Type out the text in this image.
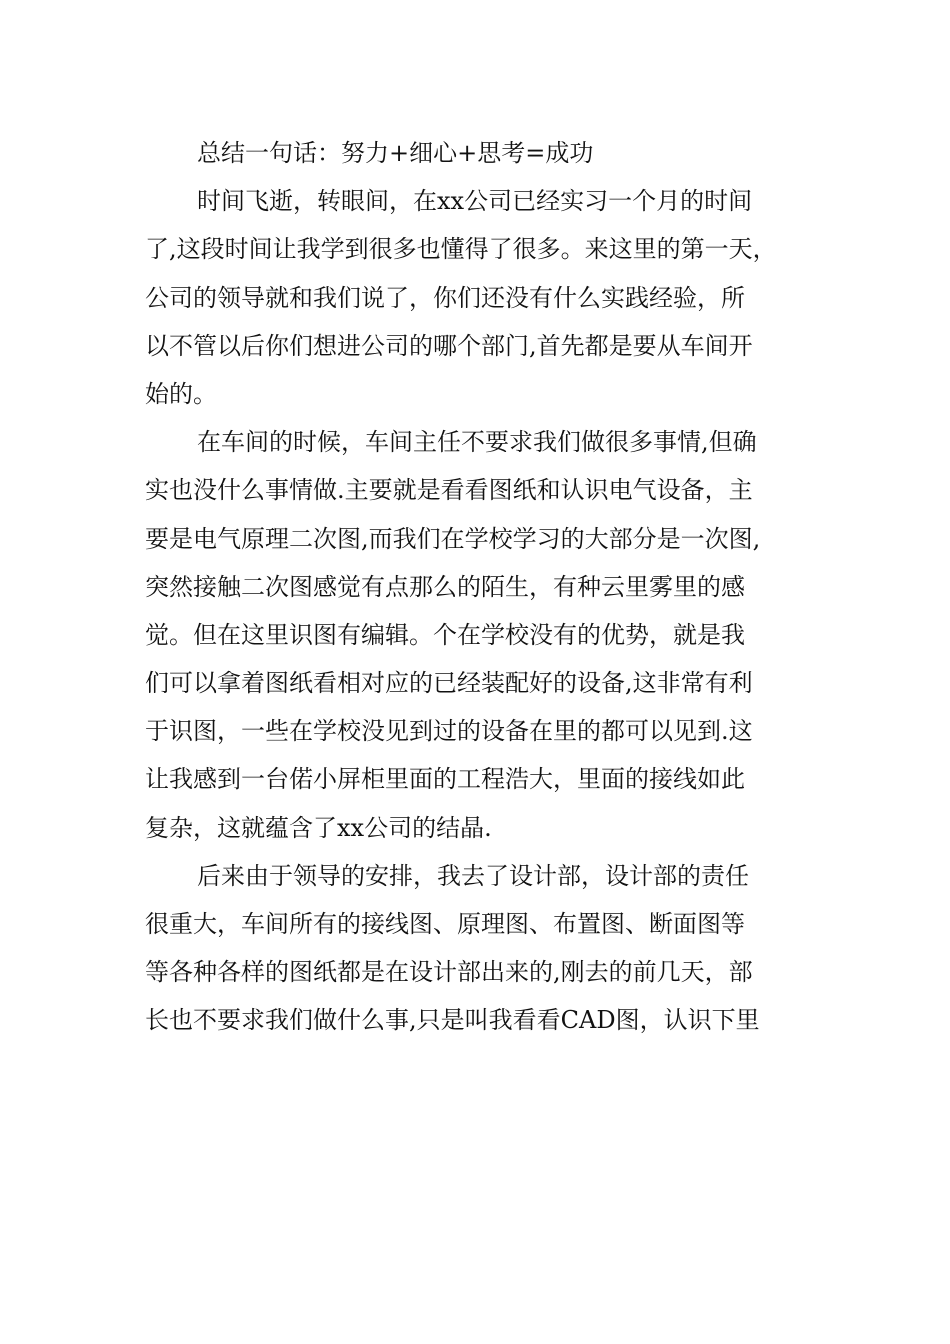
总结一句话：努力+细心+思考=成功
时间飞逝，转眼间，在xx公司已经实习一个月的时间
了,这段时间让我学到很多也懂得了很多。来这里的第一天，
公司的领导就和我们说了，你们还没有什么实践经验，所
以不管以后你们想进公司的哪个部门,首先都是要从车间开
始的。
在车间的时候，车间主任不要求我们做很多事情,但确
实也没什么事情做.主要就是看看图纸和认识电气设备，主
要是电气原理二次图,而我们在学校学习的大部分是一次图,
突然接触二次图感觉有点那么的陌生，有种云里雾里的感
觉。但在这里识图有编辑。个在学校没有的优势，就是我
们可以拿着图纸看相对应的已经装配好的设备,这非常有利
于识图，一些在学校没见到过的设备在里的都可以见到.这
让我感到一台偌小屏柜里面的工程浩大，里面的接线如此
复杂，这就蕴含了xx公司的结晶.
后来由于领导的安排，我去了设计部，设计部的责任
很重大，车间所有的接线图、原理图、布置图、断面图等
等各种各样的图纸都是在设计部出来的,刚去的前几天，部
长也不要求我们做什么事,只是叫我看看CAD图，认识下里
